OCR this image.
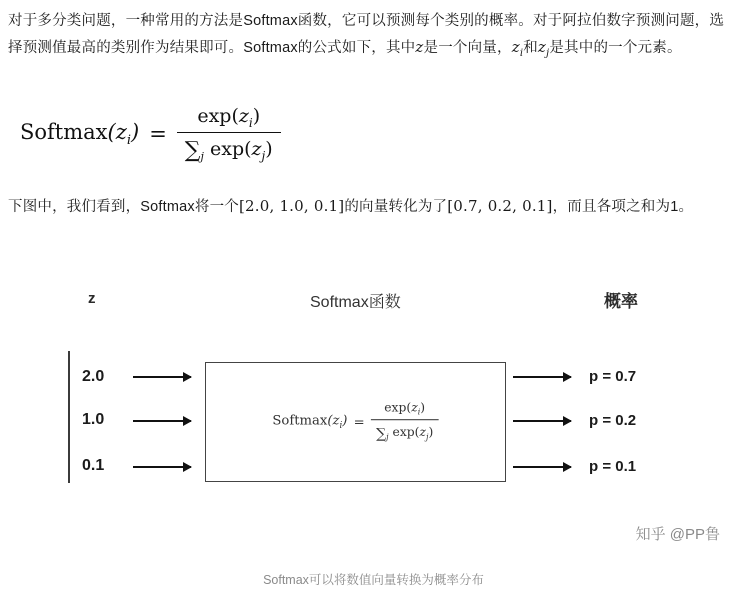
对于多分类问题，一种常用的方法是Softmax函数，它可以预测每个类别的概率。对于阿拉伯数字预测问题，选择预测值最高的类别作为结果即可。Softmax的公式如下，其中z是一个向量，$z_i$和$z_j$是其中的一个元素。
$Softmax(z_i) = \frac{\exp(z_i)}{\sum_j \exp(z_j)}$
下图中，我们看到，Softmax将一个[2.0, 1.0, 0.1]的向量转化为了[0.7, 0.2, 0.1]，而且各项之和为1。
z	Softmax函数	概率
2.0
1.0
0.1
$Softmax(z_i) = \frac{\exp(z_i)}{\sum_j \exp(z_j)}$
p = 0.7
p = 0.2
p = 0.1
知乎 @PP鲁
Softmax可以将数值向量转换为概率分布
